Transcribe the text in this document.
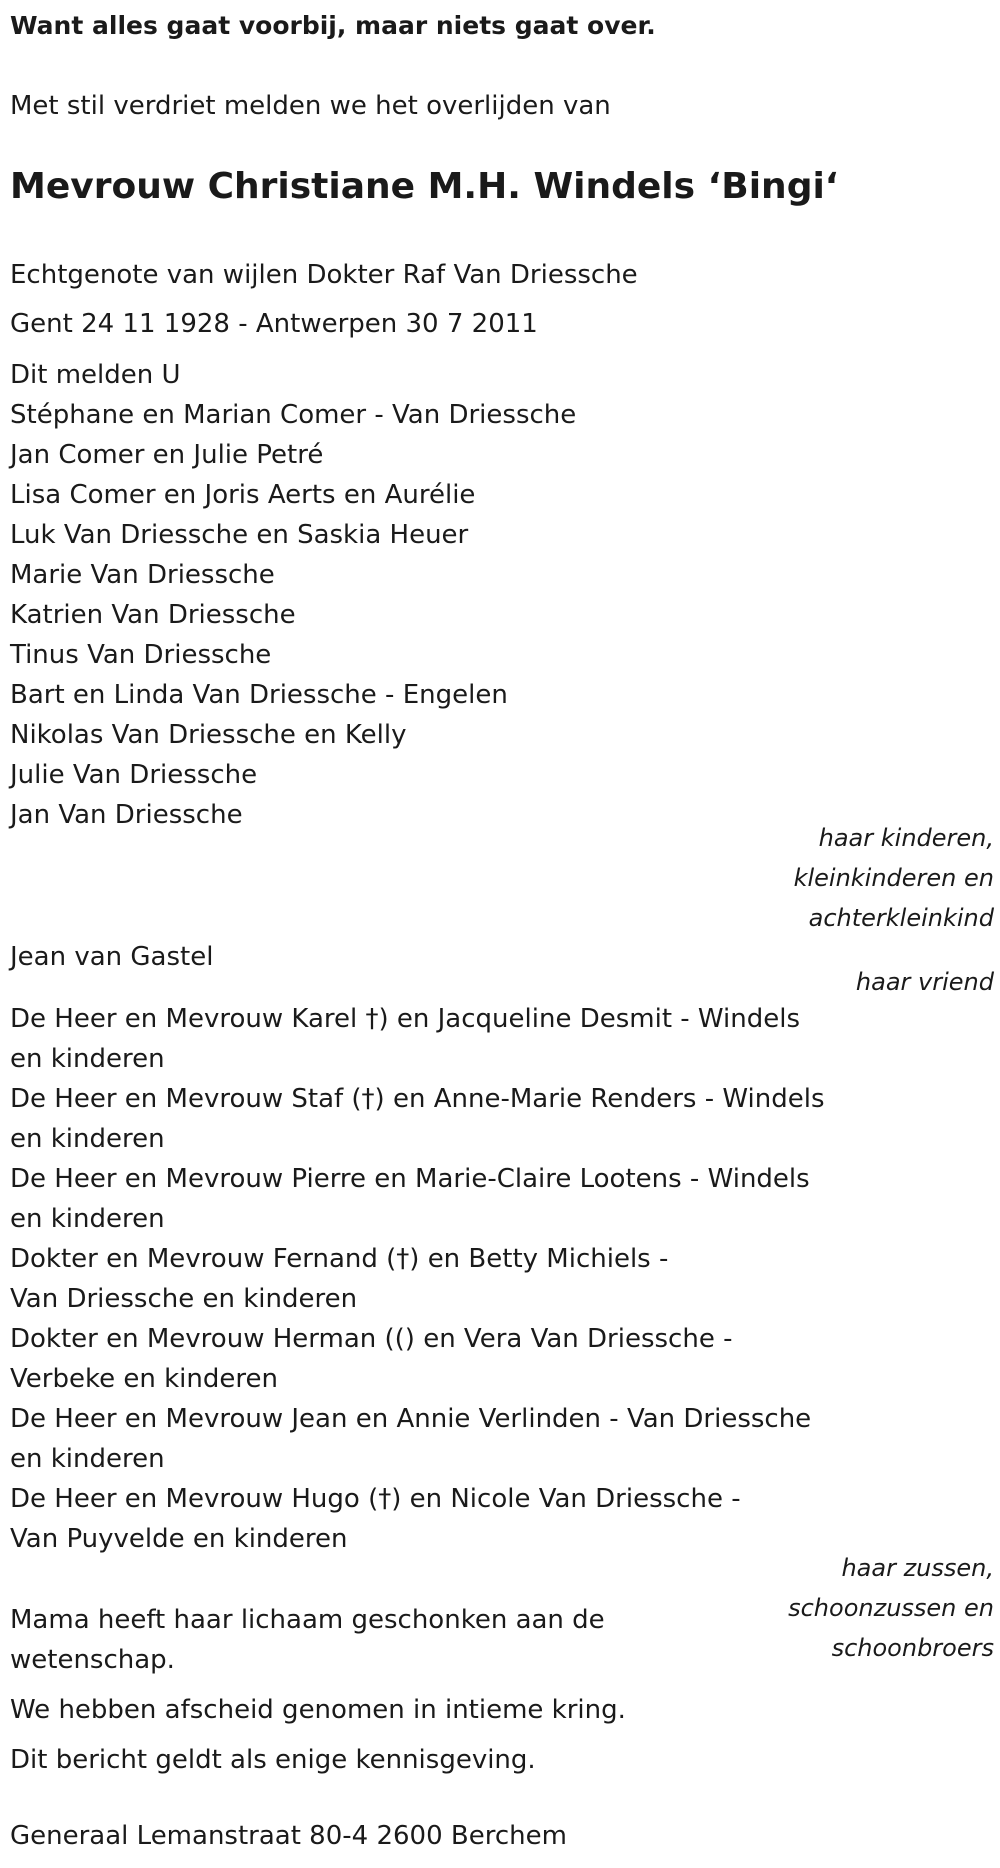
Want alles gaat voorbij, maar niets gaat over.
Met stil verdriet melden we het overlijden van
Mevrouw Christiane M.H. Windels ‘Bingi‘
Echtgenote van wijlen Dokter Raf Van Driessche
Gent 24 11 1928 - Antwerpen 30 7 2011
Dit melden U
Stéphane en Marian Comer - Van Driessche
Jan Comer en Julie Petré
Lisa Comer en Joris Aerts en Aurélie
Luk Van Driessche en Saskia Heuer
Marie Van Driessche
Katrien Van Driessche
Tinus Van Driessche
Bart en Linda Van Driessche - Engelen
Nikolas Van Driessche en Kelly
Julie Van Driessche
Jan Van Driessche
haar kinderen,
kleinkinderen en
achterkleinkind
Jean van Gastel
haar vriend
De Heer en Mevrouw Karel †) en Jacqueline Desmit - Windels
en kinderen
De Heer en Mevrouw Staf (†) en Anne-Marie Renders - Windels
en kinderen
De Heer en Mevrouw Pierre en Marie-Claire Lootens - Windels
en kinderen
Dokter en Mevrouw Fernand (†) en Betty Michiels -
Van Driessche en kinderen
Dokter en Mevrouw Herman (() en Vera Van Driessche -
Verbeke en kinderen
De Heer en Mevrouw Jean en Annie Verlinden - Van Driessche
en kinderen
De Heer en Mevrouw Hugo (†) en Nicole Van Driessche -
Van Puyvelde en kinderen
haar zussen,
schoonzussen en
schoonbroers
Mama heeft haar lichaam geschonken aan de
wetenschap.
We hebben afscheid genomen in intieme kring.
Dit bericht geldt als enige kennisgeving.
Generaal Lemanstraat 80-4 2600 Berchem
